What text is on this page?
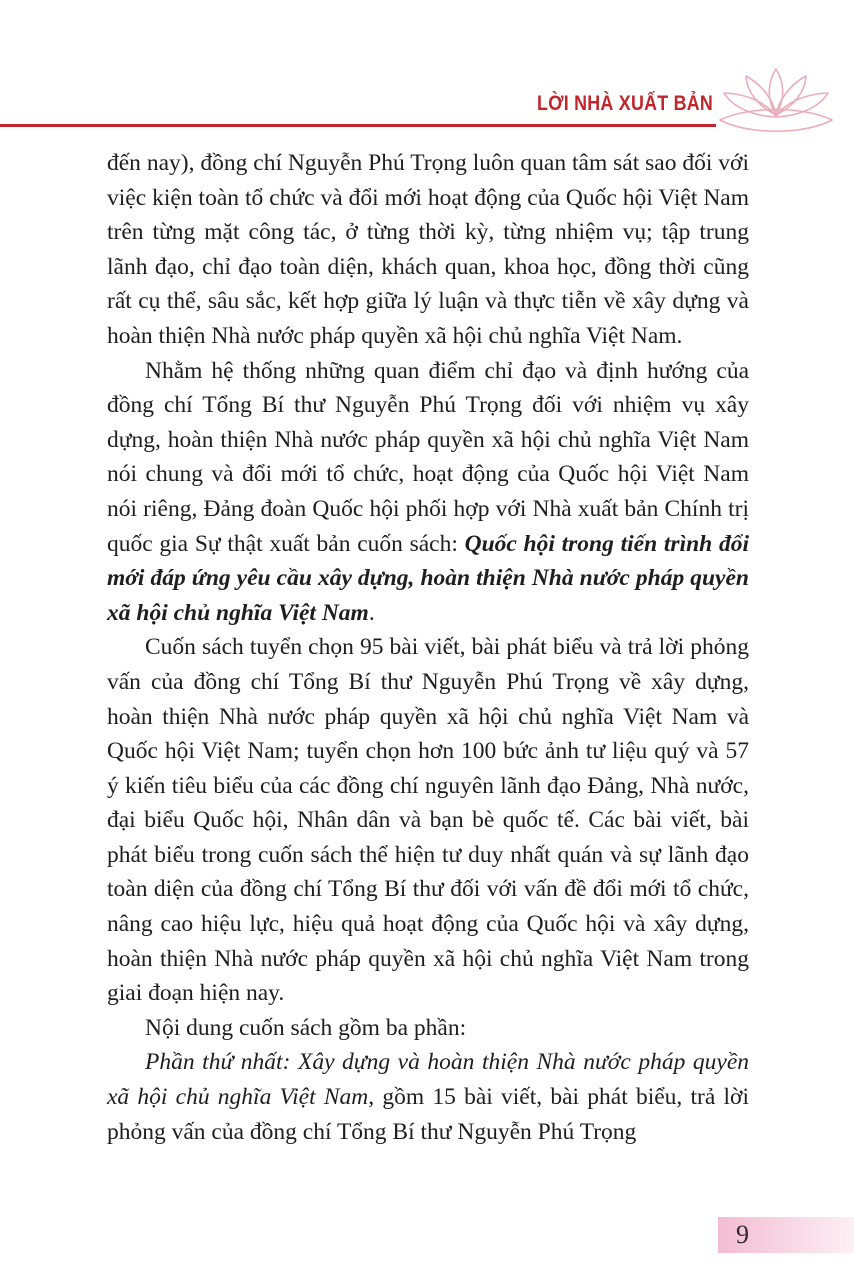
LỜI NHÀ XUẤT BẢN

đến nay), đồng chí Nguyễn Phú Trọng luôn quan tâm sát sao đối với việc kiện toàn tổ chức và đổi mới hoạt động của Quốc hội Việt Nam trên từng mặt công tác, ở từng thời kỳ, từng nhiệm vụ; tập trung lãnh đạo, chỉ đạo toàn diện, khách quan, khoa học, đồng thời cũng rất cụ thể, sâu sắc, kết hợp giữa lý luận và thực tiễn về xây dựng và hoàn thiện Nhà nước pháp quyền xã hội chủ nghĩa Việt Nam.

Nhằm hệ thống những quan điểm chỉ đạo và định hướng của đồng chí Tổng Bí thư Nguyễn Phú Trọng đối với nhiệm vụ xây dựng, hoàn thiện Nhà nước pháp quyền xã hội chủ nghĩa Việt Nam nói chung và đổi mới tổ chức, hoạt động của Quốc hội Việt Nam nói riêng, Đảng đoàn Quốc hội phối hợp với Nhà xuất bản Chính trị quốc gia Sự thật xuất bản cuốn sách: Quốc hội trong tiến trình đổi mới đáp ứng yêu cầu xây dựng, hoàn thiện Nhà nước pháp quyền xã hội chủ nghĩa Việt Nam.

Cuốn sách tuyển chọn 95 bài viết, bài phát biểu và trả lời phỏng vấn của đồng chí Tổng Bí thư Nguyễn Phú Trọng về xây dựng, hoàn thiện Nhà nước pháp quyền xã hội chủ nghĩa Việt Nam và Quốc hội Việt Nam; tuyển chọn hơn 100 bức ảnh tư liệu quý và 57 ý kiến tiêu biểu của các đồng chí nguyên lãnh đạo Đảng, Nhà nước, đại biểu Quốc hội, Nhân dân và bạn bè quốc tế. Các bài viết, bài phát biểu trong cuốn sách thể hiện tư duy nhất quán và sự lãnh đạo toàn diện của đồng chí Tổng Bí thư đối với vấn đề đổi mới tổ chức, nâng cao hiệu lực, hiệu quả hoạt động của Quốc hội và xây dựng, hoàn thiện Nhà nước pháp quyền xã hội chủ nghĩa Việt Nam trong giai đoạn hiện nay.

Nội dung cuốn sách gồm ba phần:

Phần thứ nhất: Xây dựng và hoàn thiện Nhà nước pháp quyền xã hội chủ nghĩa Việt Nam, gồm 15 bài viết, bài phát biểu, trả lời phỏng vấn của đồng chí Tổng Bí thư Nguyễn Phú Trọng

9
